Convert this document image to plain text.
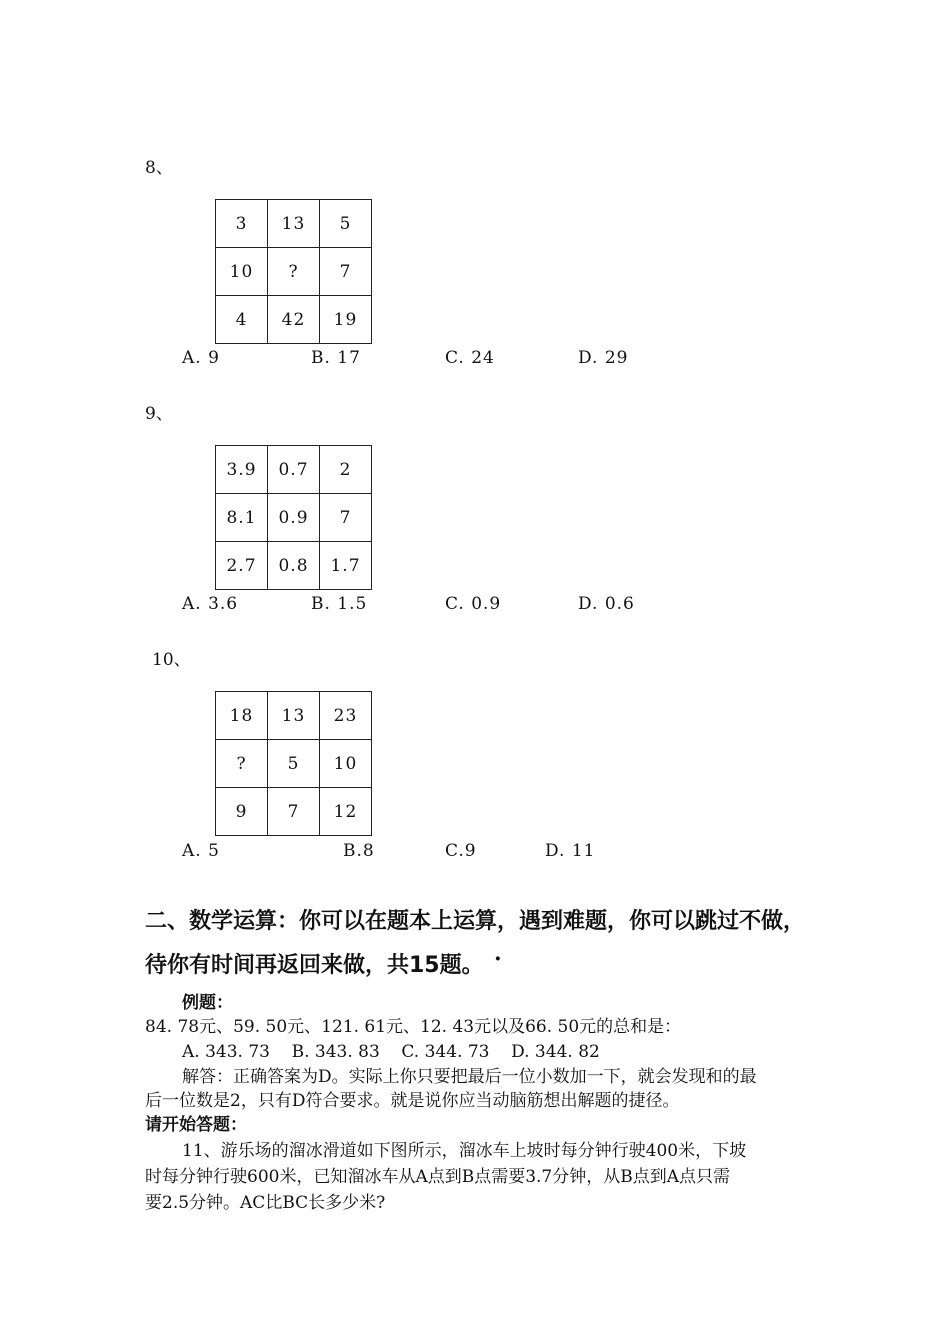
8、
3	13	5
10	?	7
4	42	19
A. 9	B. 17	C. 24	D. 29
9、
3.9	0.7	2
8.1	0.9	7
2.7	0.8	1.7
A. 3.6	B. 1.5	C. 0.9	D. 0.6
10、
18	13	23
?	5	10
9	7	12
A. 5	B.8	C.9	D. 11
二、数学运算：你可以在题本上运算，遇到难题，你可以跳过不做，待你有时间再返回来做，共15题。 ·
例题：
84. 78元、59. 50元、121. 61元、12. 43元以及66. 50元的总和是：
A. 343. 73    B. 343. 83    C. 344. 73    D. 344. 82
解答：正确答案为D。实际上你只要把最后一位小数加一下，就会发现和的最
后一位数是2，只有D符合要求。就是说你应当动脑筋想出解题的捷径。
请开始答题：
11、游乐场的溜冰滑道如下图所示，溜冰车上坡时每分钟行驶400米，下坡
时每分钟行驶600米，已知溜冰车从A点到B点需要3.7分钟，从B点到A点只需
要2.5分钟。AC比BC长多少米?
